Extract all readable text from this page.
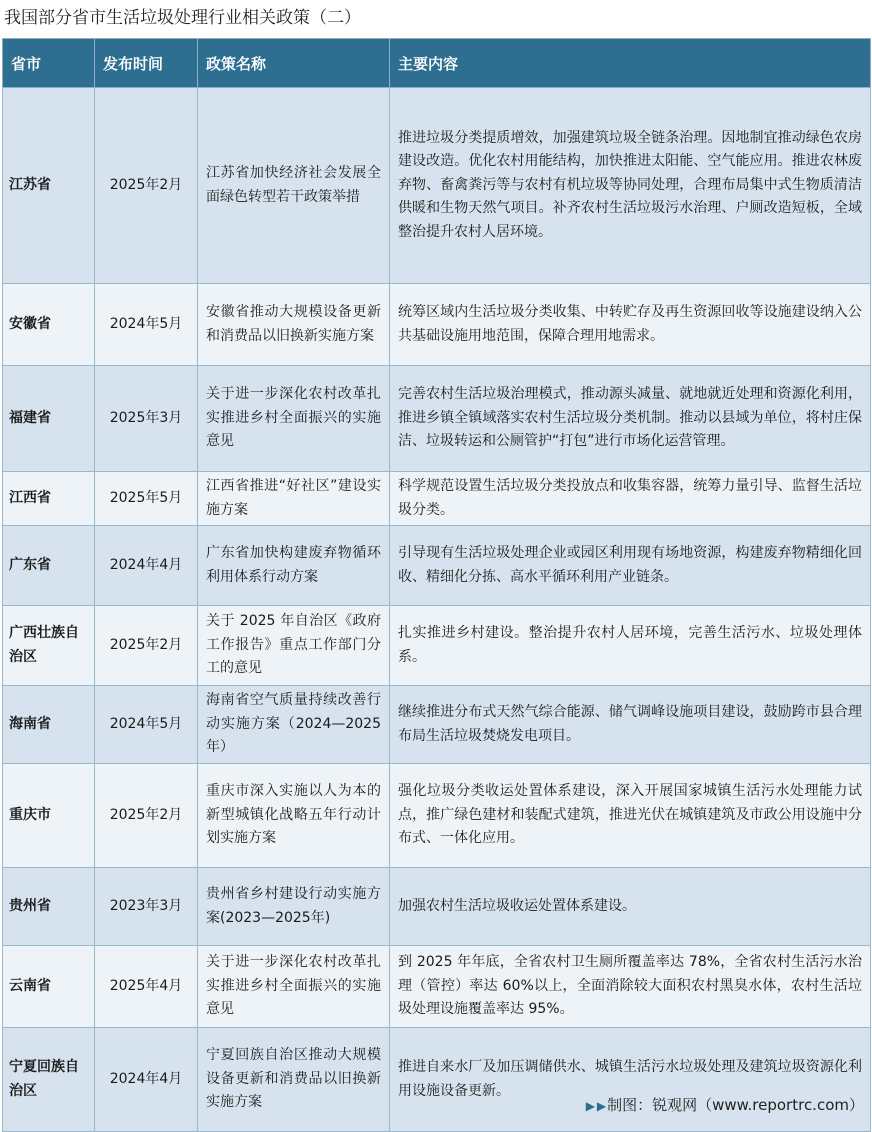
我国部分省市生活垃圾处理行业相关政策（二）
省市	发布时间	政策名称	主要内容
江苏省	2025年2月	江苏省加快经济社会发展全面绿色转型若干政策举措	推进垃圾分类提质增效，加强建筑垃圾全链条治理。因地制宜推动绿色农房建设改造。优化农村用能结构，加快推进太阳能、空气能应用。推进农林废弃物、畜禽粪污等与农村有机垃圾等协同处理，合理布局集中式生物质清洁供暖和生物天然气项目。补齐农村生活垃圾污水治理、户厕改造短板，全域整治提升农村人居环境。
安徽省	2024年5月	安徽省推动大规模设备更新和消费品以旧换新实施方案	统筹区域内生活垃圾分类收集、中转贮存及再生资源回收等设施建设纳入公共基础设施用地范围，保障合理用地需求。
福建省	2025年3月	关于进一步深化农村改革扎实推进乡村全面振兴的实施意见	完善农村生活垃圾治理模式，推动源头减量、就地就近处理和资源化利用，推进乡镇全镇域落实农村生活垃圾分类机制。推动以县域为单位，将村庄保洁、垃圾转运和公厕管护“打包”进行市场化运营管理。
江西省	2025年5月	江西省推进“好社区”建设实施方案	科学规范设置生活垃圾分类投放点和收集容器，统筹力量引导、监督生活垃圾分类。
广东省	2024年4月	广东省加快构建废弃物循环利用体系行动方案	引导现有生活垃圾处理企业或园区利用现有场地资源，构建废弃物精细化回收、精细化分拣、高水平循环利用产业链条。
广西壮族自治区	2025年2月	关于 2025 年自治区《政府工作报告》重点工作部门分工的意见	扎实推进乡村建设。整治提升农村人居环境，完善生活污水、垃圾处理体系。
海南省	2024年5月	海南省空气质量持续改善行动实施方案（2024—2025 年）	继续推进分布式天然气综合能源、储气调峰设施项目建设，鼓励跨市县合理布局生活垃圾焚烧发电项目。
重庆市	2025年2月	重庆市深入实施以人为本的新型城镇化战略五年行动计划实施方案	强化垃圾分类收运处置体系建设，深入开展国家城镇生活污水处理能力试点，推广绿色建材和装配式建筑，推进光伏在城镇建筑及市政公用设施中分布式、一体化应用。
贵州省	2023年3月	贵州省乡村建设行动实施方案(2023—2025年)	加强农村生活垃圾收运处置体系建设。
云南省	2025年4月	关于进一步深化农村改革扎实推进乡村全面振兴的实施意见	到 2025 年年底，全省农村卫生厕所覆盖率达 78%，全省农村生活污水治理（管控）率达 60%以上，全面消除较大面积农村黑臭水体，农村生活垃圾处理设施覆盖率达 95%。
宁夏回族自治区	2024年4月	宁夏回族自治区推动大规模设备更新和消费品以旧换新实施方案	推进自来水厂及加压调储供水、城镇生活污水垃圾处理及建筑垃圾资源化利用设施设备更新。
▶ ▶ 制图：锐观网（www.reportrc.com）
